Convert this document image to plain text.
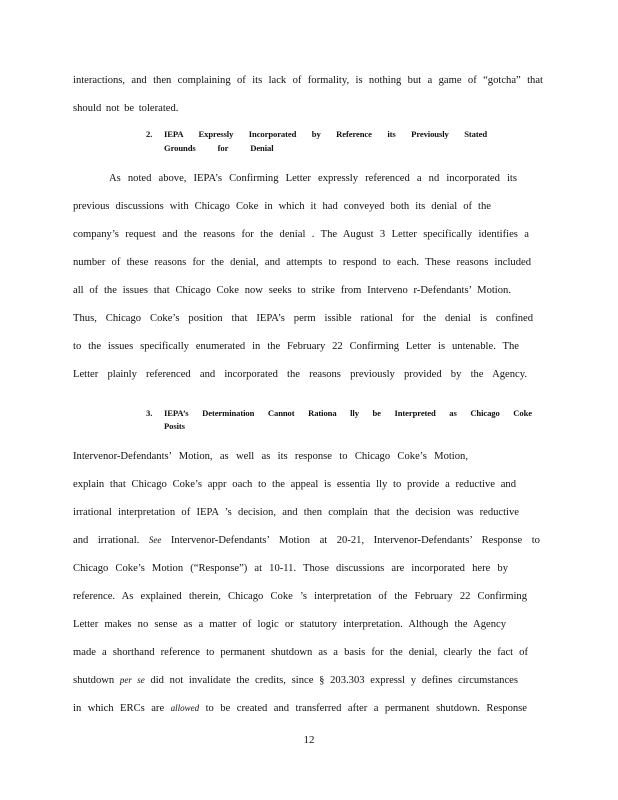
interactions, and then complaining of its lack of formality, is nothing but a game of “gotcha” that
should not be tolerated.
2. IEPA Expressly Incorporated by Reference its Previously Stated
Grounds for Denial
As noted above, IEPA’s Confirming Letter expressly referenced a nd incorporated its
previous discussions with Chicago Coke in which it had conveyed both its denial of the
company’s request and the reasons for the denial . The August 3 Letter specifically identifies a
number of these reasons for the denial, and attempts to respond to each. These reasons included
all of the issues that Chicago Coke now seeks to strike from Interveno r-Defendants’ Motion.
Thus, Chicago Coke’s position that IEPA’s perm issible rational for the denial is confined
to the issues specifically enumerated in the February 22 Confirming Letter is untenable. The
Letter plainly referenced and incorporated the reasons previously provided by the Agency.
3. IEPA’s Determination Cannot Rationa lly be Interpreted as Chicago Coke
Posits
Intervenor-Defendants’ Motion, as well as its response to Chicago Coke’s Motion,
explain that Chicago Coke’s appr oach to the appeal is essentia lly to provide a reductive and
irrational interpretation of IEPA ’s decision, and then complain that the decision was reductive
and irrational. See Intervenor-Defendants’ Motion at 20-21, Intervenor-Defendants’ Response to
Chicago Coke’s Motion (“Response”) at 10-11. Those discussions are incorporated here by
reference. As explained therein, Chicago Coke ’s interpretation of the February 22 Confirming
Letter makes no sense as a matter of logic or statutory interpretation. Although the Agency
made a shorthand reference to permanent shutdown as a basis for the denial, clearly the fact of
shutdown per se did not invalidate the credits, since § 203.303 expressl y defines circumstances
in which ERCs are allowed to be created and transferred after a permanent shutdown. Response
12
